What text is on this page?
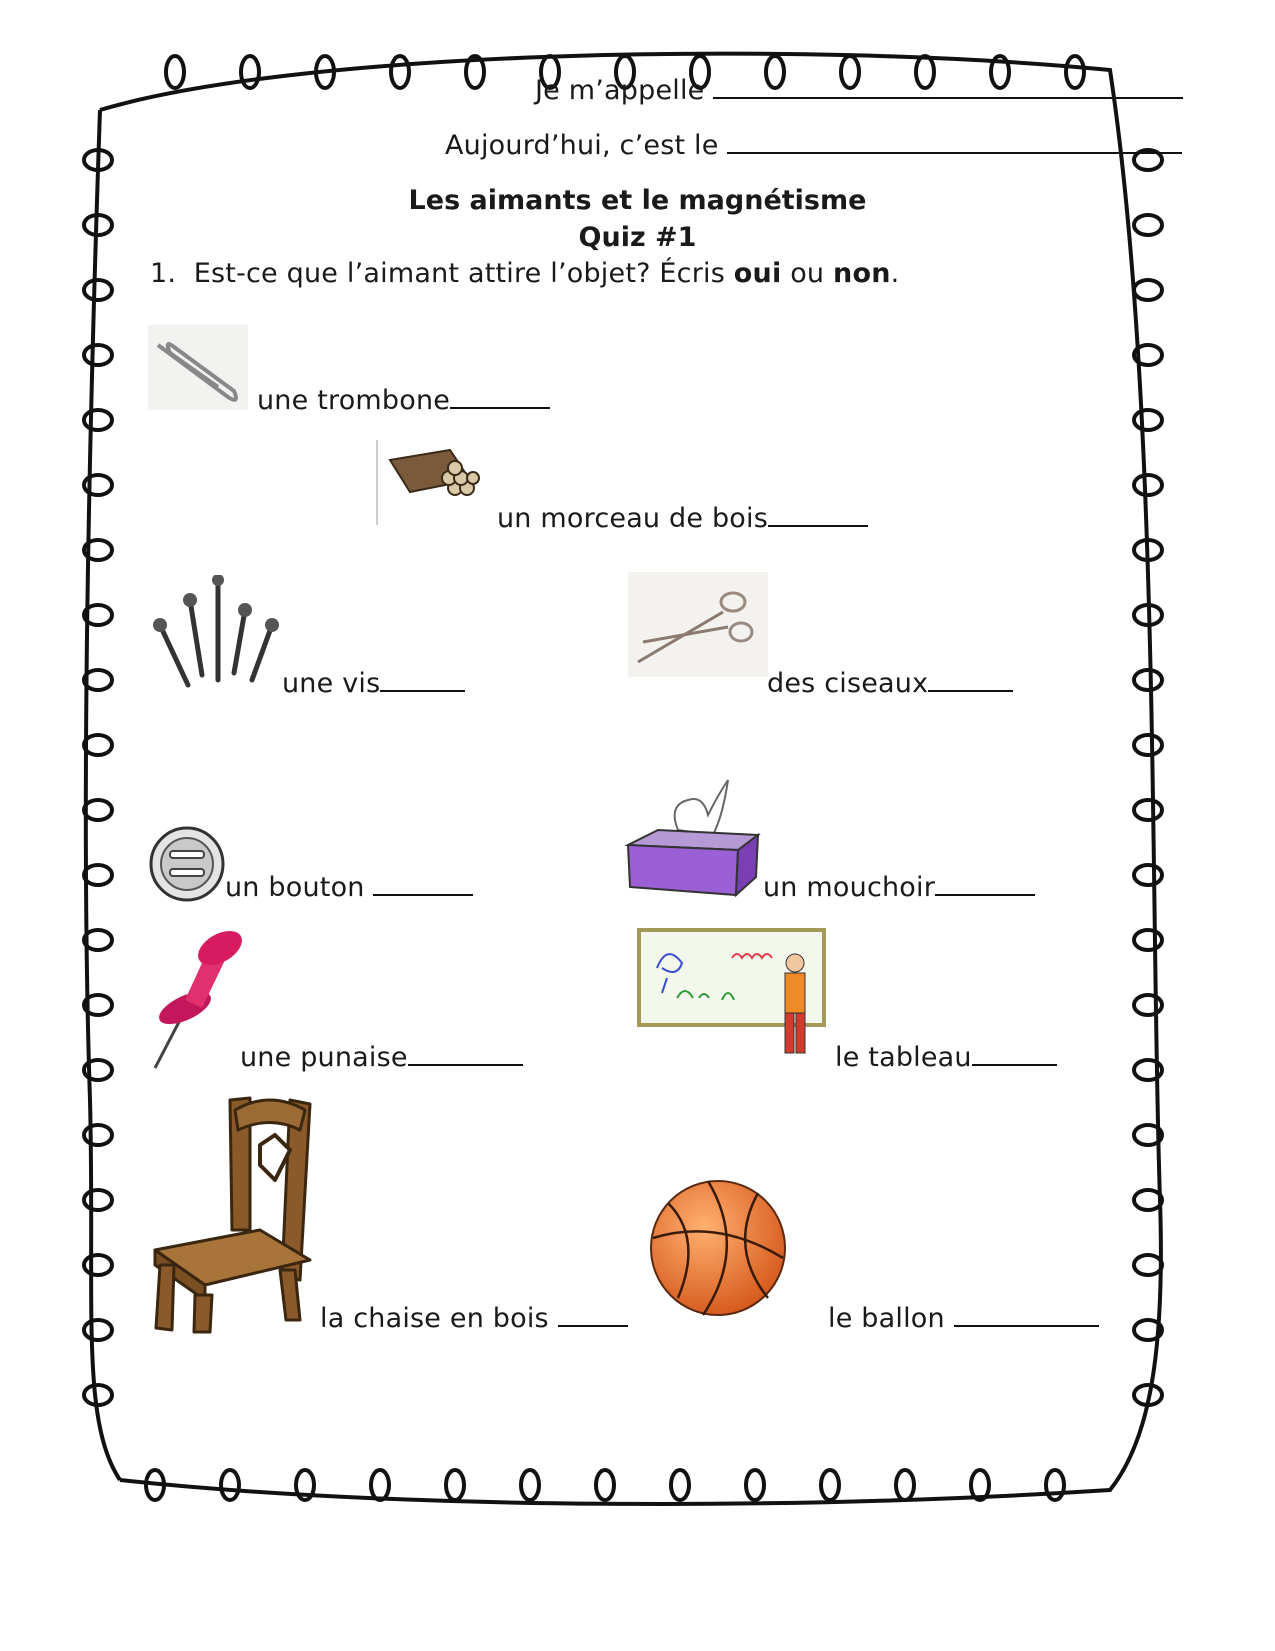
Je m’appelle
Aujourd’hui, c’est le
Les aimants et le magnétisme
Quiz #1
1. Est-ce que l’aimant attire l’objet? Écris oui ou non.
une trombone
un morceau de bois
une vis	des ciseaux
un bouton	un mouchoir
une punaise	le tableau
la chaise en bois	le ballon
